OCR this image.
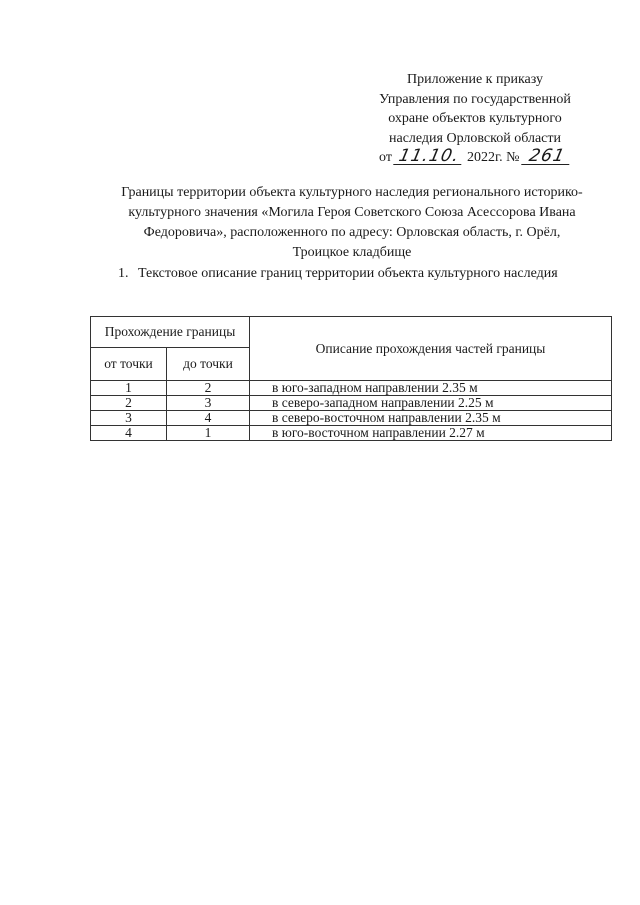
Приложение к приказу
Управления по государственной
охране объектов культурного
наследия Орловской области
от 11.10. 2022г. № 261
Границы территории объекта культурного наследия регионального историко-
культурного значения «Могила Героя Советского Союза Асессорова Ивана
Федоровича», расположенного по адресу: Орловская область, г. Орёл,
Троицкое кладбище
1. Текстовое описание границ территории объекта культурного наследия
Прохождение границы		Описание прохождения частей границы
от точки	до точки	
1	2	в юго-западном направлении 2.35 м
2	3	в северо-западном направлении 2.25 м
3	4	в северо-восточном направлении 2.35 м
4	1	в юго-восточном направлении 2.27 м
